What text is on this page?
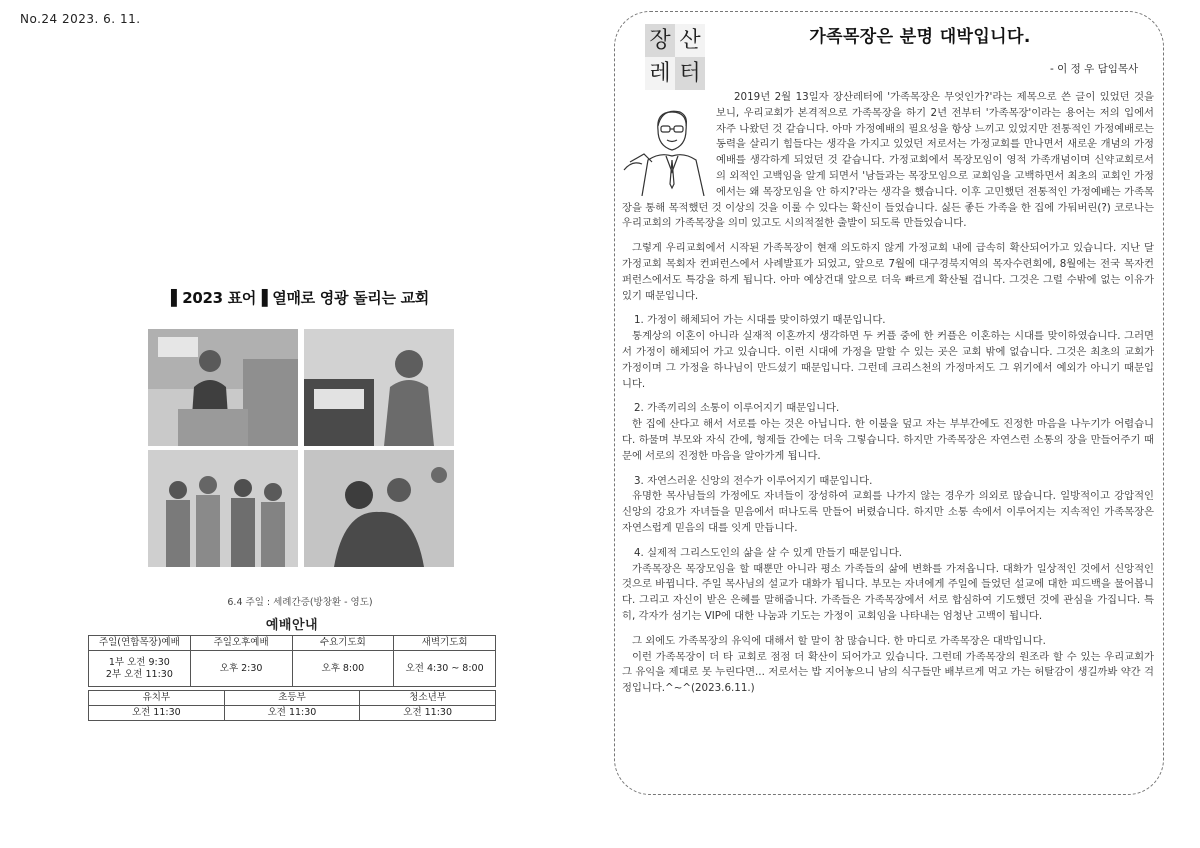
No.24 2023. 6. 11.
▌2023 표어▐ 열매로 영광 돌리는 교회
6.4 주일 : 세례간증(방창환 - 영도)
예배안내
주일(연합목장)예배	주일오후예배	수요기도회	새벽기도회
1부 오전 9:30
2부 오전 11:30	오후 2:30	오후 8:00	오전 4:30 ~ 8:00
유치부	초등부	청소년부
오전 11:30	오전 11:30	오전 11:30
장 산
레 터
가족목장은 분명 대박입니다.
- 이 정 우 담임목사

2019년 2월 13일자 장산레터에 '가족목장은 무엇인가?'라는 제목으로 쓴 글이 있었던 것을 보니, 우리교회가 본격적으로 가족목장을 하기 2년 전부터 '가족목장'이라는 용어는 저의 입에서 자주 나왔던 것 같습니다. 아마 가정예배의 필요성을 항상 느끼고 있었지만 전통적인 가정예배로는 동력을 살리기 힘들다는 생각을 가지고 있었던 저로서는 가정교회를 만나면서 새로운 개념의 가정예배를 생각하게 되었던 것 같습니다. 가정교회에서 목장모임이 영적 가족개념이며 신약교회로서의 외적인 고백임을 알게 되면서 '남들과는 목장모임으로 교회임을 고백하면서 최초의 교회인 가정에서는 왜 목장모임을 안 하지?'라는 생각을 했습니다. 이후 고민했던 전통적인 가정예배는 가족목장을 통해 목적했던 것 이상의 것을 이룰 수 있다는 확신이 들었습니다. 싫든 좋든 가족을 한 집에 가둬버린(?) 코로나는 우리교회의 가족목장을 의미 있고도 시의적절한 출발이 되도록 만들었습니다.

그렇게 우리교회에서 시작된 가족목장이 현재 의도하지 않게 가정교회 내에 급속히 확산되어가고 있습니다. 지난 달 가정교회 목회자 컨퍼런스에서 사례발표가 되었고, 앞으로 7월에 대구경북지역의 목자수련회에, 8월에는 전국 목자컨퍼런스에서도 특강을 하게 됩니다. 아마 예상건대 앞으로 더욱 빠르게 확산될 겁니다. 그것은 그럴 수밖에 없는 이유가 있기 때문입니다.

1. 가정이 해체되어 가는 시대를 맞이하였기 때문입니다.

통계상의 이혼이 아니라 실재적 이혼까지 생각하면 두 커플 중에 한 커플은 이혼하는 시대를 맞이하였습니다. 그러면서 가정이 해체되어 가고 있습니다. 이런 시대에 가정을 말할 수 있는 곳은 교회 밖에 없습니다. 그것은 최초의 교회가 가정이며 그 가정을 하나님이 만드셨기 때문입니다. 그런데 크리스천의 가정마저도 그 위기에서 예외가 아니기 때문입니다.

2. 가족끼리의 소통이 이루어지기 때문입니다.

한 집에 산다고 해서 서로를 아는 것은 아닙니다. 한 이불을 덮고 자는 부부간에도 진정한 마음을 나누기가 어렵습니다. 하물며 부모와 자식 간에, 형제들 간에는 더욱 그렇습니다. 하지만 가족목장은 자연스런 소통의 장을 만들어주기 때문에 서로의 진정한 마음을 알아가게 됩니다.

3. 자연스러운 신앙의 전수가 이루어지기 때문입니다.

유명한 목사님들의 가정에도 자녀들이 장성하여 교회를 나가지 않는 경우가 의외로 많습니다. 일방적이고 강압적인 신앙의 강요가 자녀들을 믿음에서 떠나도록 만들어 버렸습니다. 하지만 소통 속에서 이루어지는 지속적인 가족목장은 자연스럽게 믿음의 대를 잇게 만듭니다.

4. 실제적 그리스도인의 삶을 살 수 있게 만들기 때문입니다.

가족목장은 목장모임을 할 때뿐만 아니라 평소 가족들의 삶에 변화를 가져옵니다. 대화가 일상적인 것에서 신앙적인 것으로 바뀝니다. 주일 목사님의 설교가 대화가 됩니다. 부모는 자녀에게 주일에 들었던 설교에 대한 피드백을 물어봅니다. 그리고 자신이 받은 은혜를 말해줍니다. 가족들은 가족목장에서 서로 합심하여 기도했던 것에 관심을 가집니다. 특히, 각자가 섬기는 VIP에 대한 나눔과 기도는 가정이 교회임을 나타내는 엄청난 고백이 됩니다.

그 외에도 가족목장의 유익에 대해서 할 말이 참 많습니다. 한 마디로 가족목장은 대박입니다.

이런 가족목장이 더 타 교회로 점점 더 확산이 되어가고 있습니다. 그런데 가족목장의 원조라 할 수 있는 우리교회가 그 유익을 제대로 못 누린다면... 저로서는 밥 지어놓으니 남의 식구들만 배부르게 먹고 가는 허탈감이 생길까봐 약간 걱정입니다.^~^(2023.6.11.)
